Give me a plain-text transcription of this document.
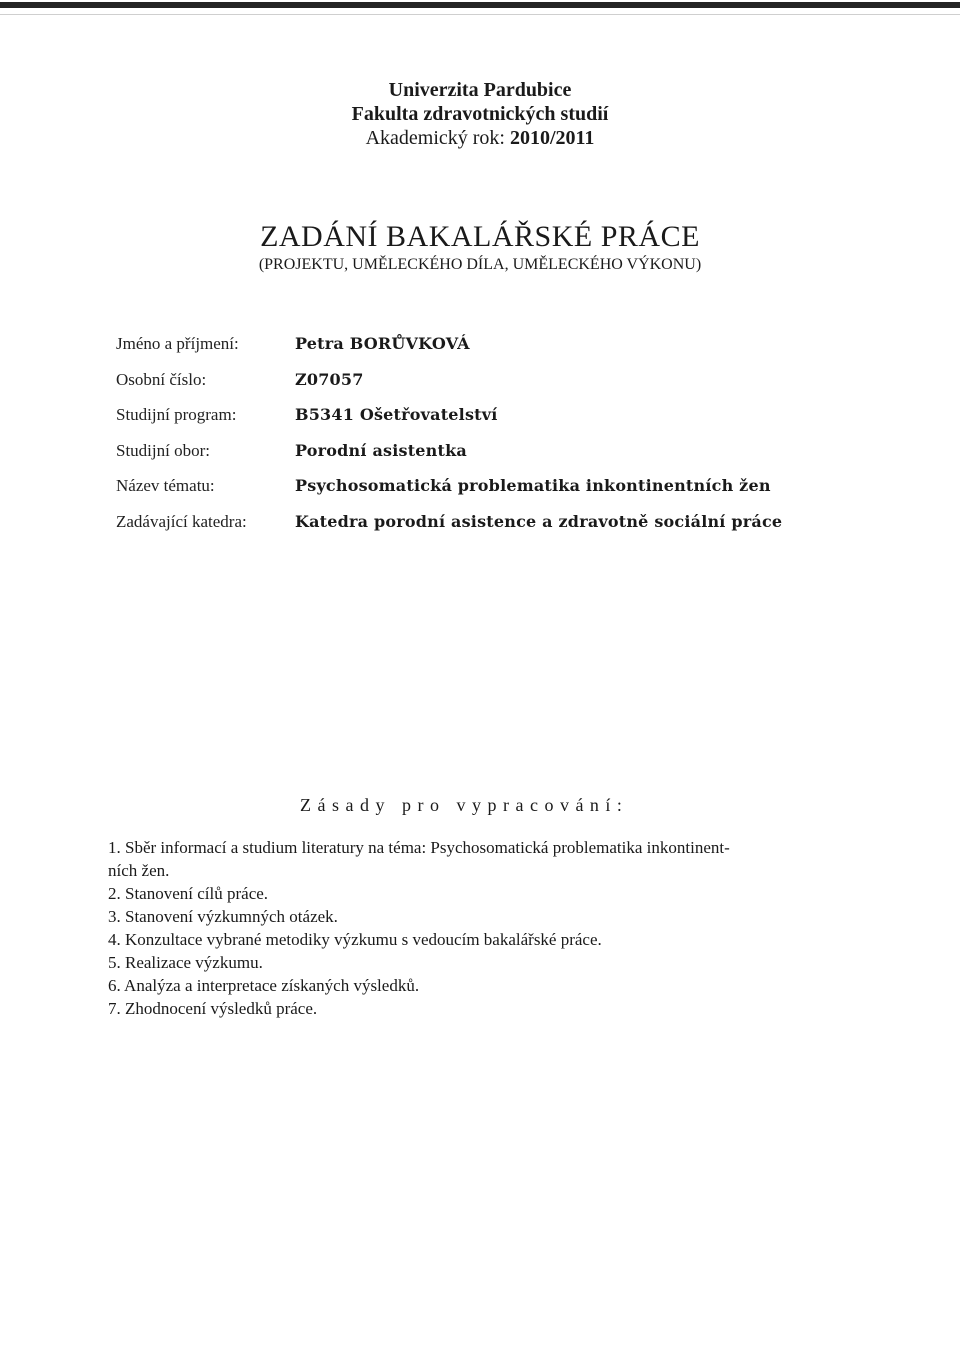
Univerzita Pardubice
Fakulta zdravotnických studií
Akademický rok: 2010/2011
ZADÁNÍ BAKALÁŘSKÉ PRÁCE
(PROJEKTU, UMĚLECKÉHO DÍLA, UMĚLECKÉHO VÝKONU)
Jméno a příjmení:	Petra BORŮVKOVÁ
Osobní číslo:	Z07057
Studijní program:	B5341 Ošetřovatelství
Studijní obor:	Porodní asistentka
Název tématu:	Psychosomatická problematika inkontinentních žen
Zadávající katedra:	Katedra porodní asistence a zdravotně sociální práce
Zásady pro vypracování:
1. Sběr informací a studium literatury na téma: Psychosomatická problematika inkontinent-
ních žen.
2. Stanovení cílů práce.
3. Stanovení výzkumných otázek.
4. Konzultace vybrané metodiky výzkumu s vedoucím bakalářské práce.
5. Realizace výzkumu.
6. Analýza a interpretace získaných výsledků.
7. Zhodnocení výsledků práce.
